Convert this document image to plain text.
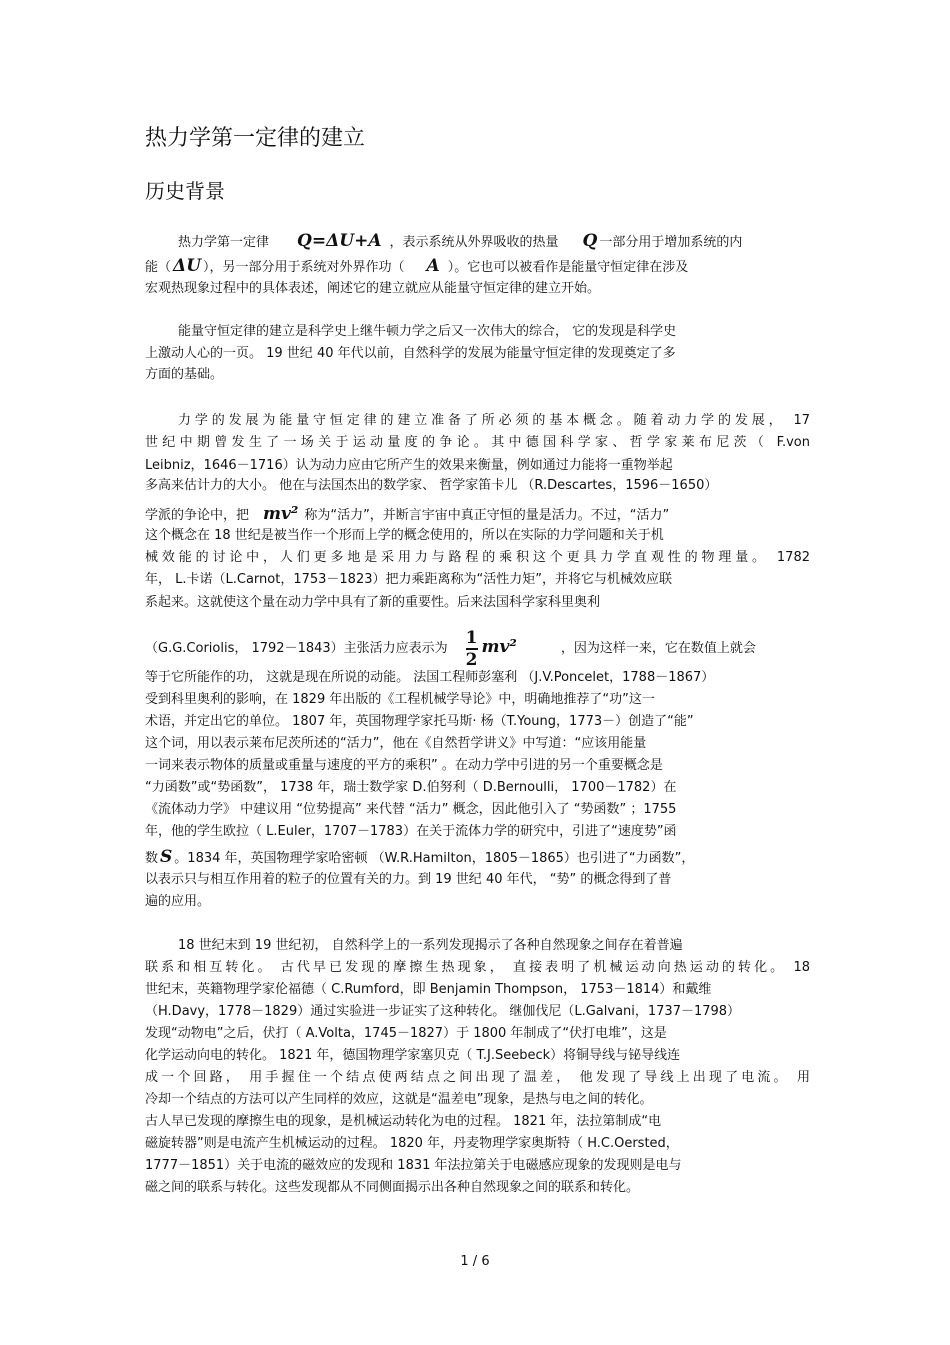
热力学第一定律的建立
历史背景
热力学第一定律 Q=ΔU+A ，表示系统从外界吸收的热量 Q 一部分用于增加系统的内
能（ ΔU ），另一部分用于系统对外界作功（ A ）。它也可以被看作是能量守恒定律在涉及
宏观热现象过程中的具体表述，阐述它的建立就应从能量守恒定律的建立开始。
能量守恒定律的建立是科学史上继牛顿力学之后又一次伟大的综合， 它的发现是科学史
上激动人心的一页。 19 世纪 40 年代以前，自然科学的发展为能量守恒定律的发现奠定了多
方面的基础。
力学的发展为能量守恒定律的建立准备了所必须的基本概念。随着动力学的发展， 17
世纪中期曾发生了一场关于运动量度的争论。其中德国科学家、哲学家莱布尼茨（ F.von
Leibniz，1646－1716）认为动力应由它所产生的效果来衡量，例如通过力能将一重物举起
多高来估计力的大小。 他在与法国杰出的数学家、 哲学家笛卡儿 （R.Descartes，1596－1650）
学派的争论中，把 mv² 称为“活力”，并断言宇宙中真正守恒的量是活力。不过，“活力”
这个概念在 18 世纪是被当作一个形而上学的概念使用的，所以在实际的力学问题和关于机
械效能的讨论中，人们更多地是采用力与路程的乘积这个更具力学直观性的物理量。 1782
年， L.卡诺（L.Carnot，1753－1823）把力乘距离称为“活性力矩”，并将它与机械效应联
系起来。这就使这个量在动力学中具有了新的重要性。后来法国科学家科里奥利
（G.G.Coriolis， 1792－1843）主张活力应表示为 $\frac{1}{2} mv^2$	，因为这样一来，它在数值上就会
等于它所能作的功， 这就是现在所说的动能。 法国工程师彭塞利 （J.V.Poncelet，1788－1867）
受到科里奥利的影响，在 1829 年出版的《工程机械学导论》中，明确地推荐了“功”这一
术语，并定出它的单位。 1807 年，英国物理学家托马斯· 杨（T.Young，1773－）创造了“能”
这个词，用以表示莱布尼茨所述的“活力”，他在《自然哲学讲义》中写道：“应该用能量
一词来表示物体的质量或重量与速度的平方的乘积” 。在动力学中引进的另一个重要概念是
“力函数”或“势函数”， 1738 年，瑞士数学家 D.伯努利（ D.Bernoulli， 1700－1782）在
《流体动力学》 中建议用 “位势提高” 来代替 “活力” 概念，因此他引入了 “势函数” ；1755
年，他的学生欧拉（ L.Euler，1707－1783）在关于流体力学的研究中，引进了“速度势”函
数 S 。1834 年，英国物理学家哈密顿 （W.R.Hamilton，1805－1865）也引进了“力函数”，
以表示只与相互作用着的粒子的位置有关的力。到 19 世纪 40 年代， “势” 的概念得到了普
遍的应用。
18 世纪末到 19 世纪初， 自然科学上的一系列发现揭示了各种自然现象之间存在着普遍
联系和相互转化。 古代早已发现的摩擦生热现象， 直接表明了机械运动向热运动的转化。 18
世纪末，英籍物理学家伦福德（ C.Rumford，即 Benjamin Thompson， 1753－1814）和戴维
（H.Davy，1778－1829）通过实验进一步证实了这种转化。 继伽伐尼（L.Galvani，1737－1798）
发现“动物电”之后，伏打（ A.Volta，1745－1827）于 1800 年制成了“伏打电堆”，这是
化学运动向电的转化。 1821 年，德国物理学家塞贝克（ T.J.Seebeck）将铜导线与铋导线连
成一个回路， 用手握住一个结点使两结点之间出现了温差， 他发现了导线上出现了电流。 用
冷却一个结点的方法可以产生同样的效应，这就是“温差电”现象，是热与电之间的转化。
古人早已发现的摩擦生电的现象，是机械运动转化为电的过程。 1821 年，法拉第制成“电
磁旋转器”则是电流产生机械运动的过程。 1820 年，丹麦物理学家奥斯特（ H.C.Oersted，
1777－1851）关于电流的磁效应的发现和 1831 年法拉第关于电磁感应现象的发现则是电与
磁之间的联系与转化。这些发现都从不同侧面揭示出各种自然现象之间的联系和转化。
1 / 6
